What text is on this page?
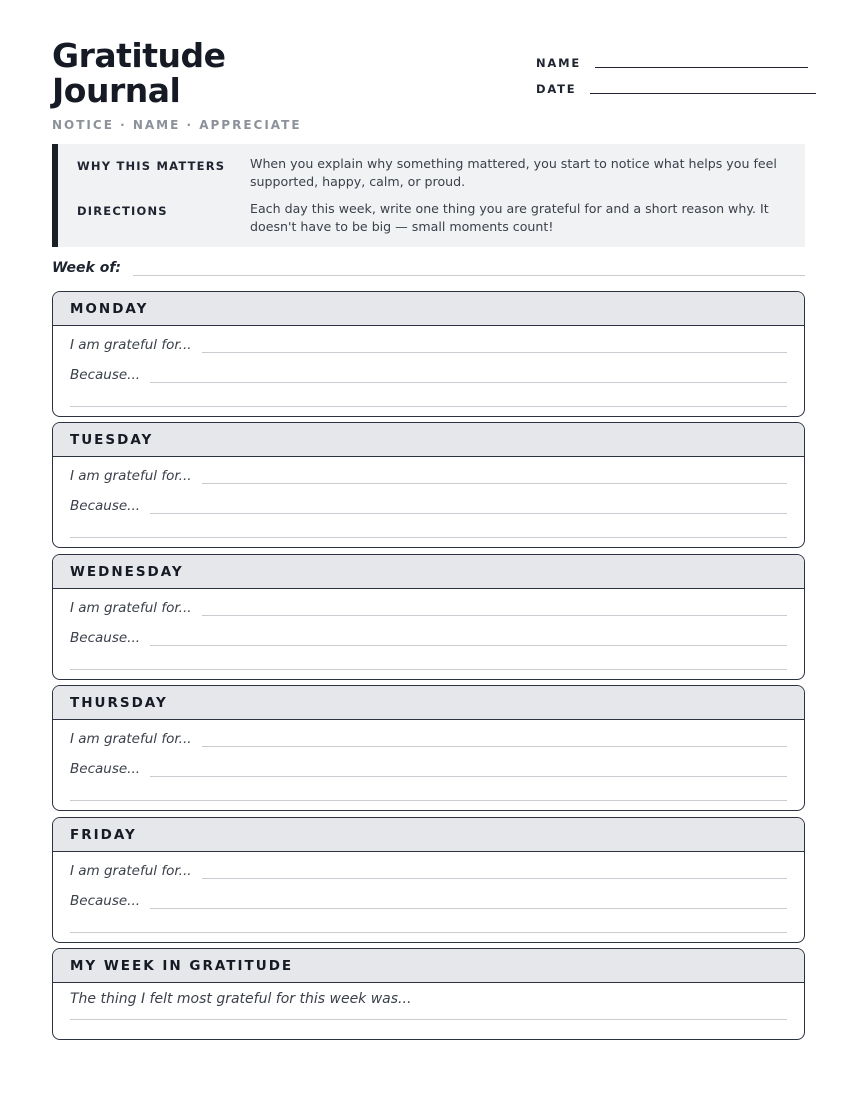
Gratitude
Journal
NOTICE · NAME · APPRECIATE
NAME
DATE
WHY THIS MATTERS	When you explain why something mattered, you start to notice what helps you feel supported, happy, calm, or proud.
DIRECTIONS	Each day this week, write one thing you are grateful for and a short reason why. It doesn't have to be big — small moments count!
Week of:
MONDAY
I am grateful for...
Because...
TUESDAY
I am grateful for...
Because...
WEDNESDAY
I am grateful for...
Because...
THURSDAY
I am grateful for...
Because...
FRIDAY
I am grateful for...
Because...
MY WEEK IN GRATITUDE
The thing I felt most grateful for this week was...
